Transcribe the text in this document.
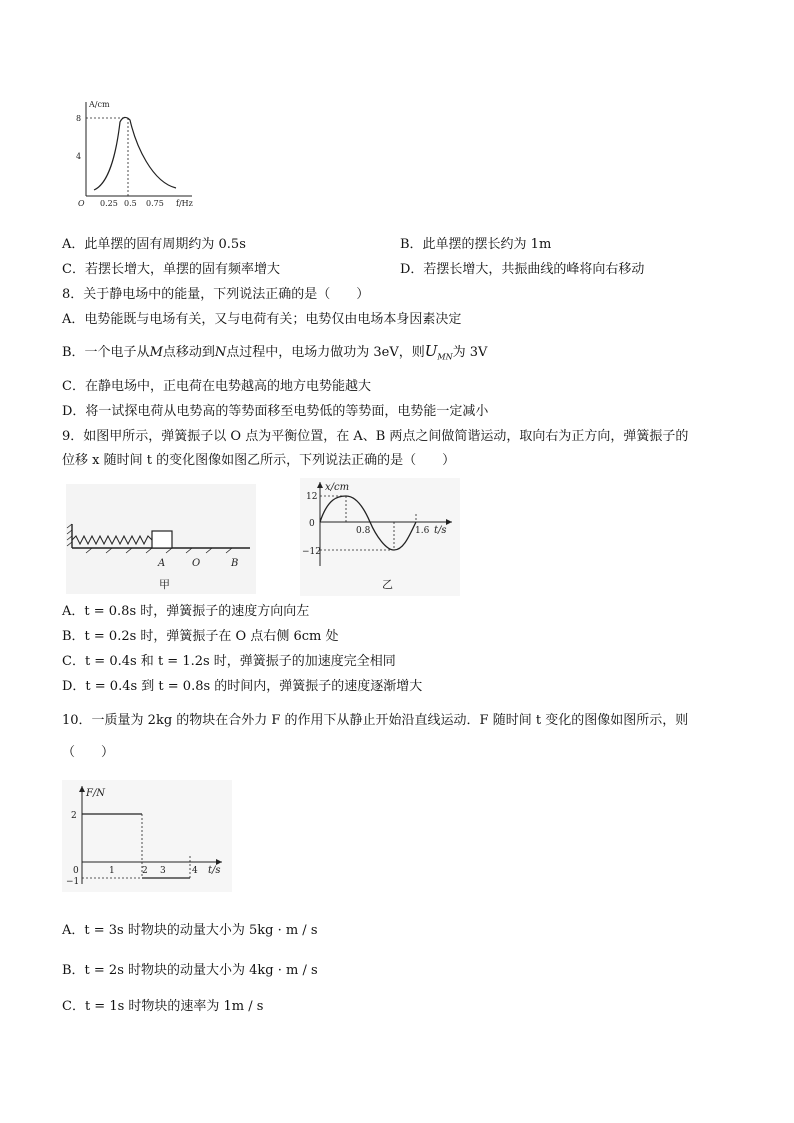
A/cm
8
4
O 0.25 0.5 0.75 f/Hz
A．此单摆的固有周期约为 0.5s	B．此单摆的摆长约为 1m
C．若摆长增大，单摆的固有频率增大	D．若摆长增大，共振曲线的峰将向右移动
8．关于静电场中的能量，下列说法正确的是（　　）
A．电势能既与电场有关，又与电荷有关；电势仅由电场本身因素决定
B．一个电子从M点移动到N点过程中，电场力做功为 3eV，则$U_{MN}$为 3V
C．在静电场中，正电荷在电势越高的地方电势能越大
D．将一试探电荷从电势高的等势面移至电势低的等势面，电势能一定减小
9．如图甲所示，弹簧振子以 O 点为平衡位置，在 A、B 两点之间做简谐运动，取向右为正方向，弹簧振子的
位移 x 随时间 t 的变化图像如图乙所示，下列说法正确的是（　　）
A	O	B
甲
x/cm
12
0
−12
0.8	1.6 t/s
乙
A．t = 0.8s 时，弹簧振子的速度方向向左
B．t = 0.2s 时，弹簧振子在 O 点右侧 6cm 处
C．t = 0.4s 和 t = 1.2s 时，弹簧振子的加速度完全相同
D．t = 0.4s 到 t = 0.8s 的时间内，弹簧振子的速度逐渐增大
10．一质量为 2kg 的物块在合外力 F 的作用下从静止开始沿直线运动．F 随时间 t 变化的图像如图所示，则
（　　）
F/N
2
0
−1
1	2 3	4 t/s
A．t = 3s 时物块的动量大小为 5kg · m / s
B．t = 2s 时物块的动量大小为 4kg · m / s
C．t = 1s 时物块的速率为 1m / s
